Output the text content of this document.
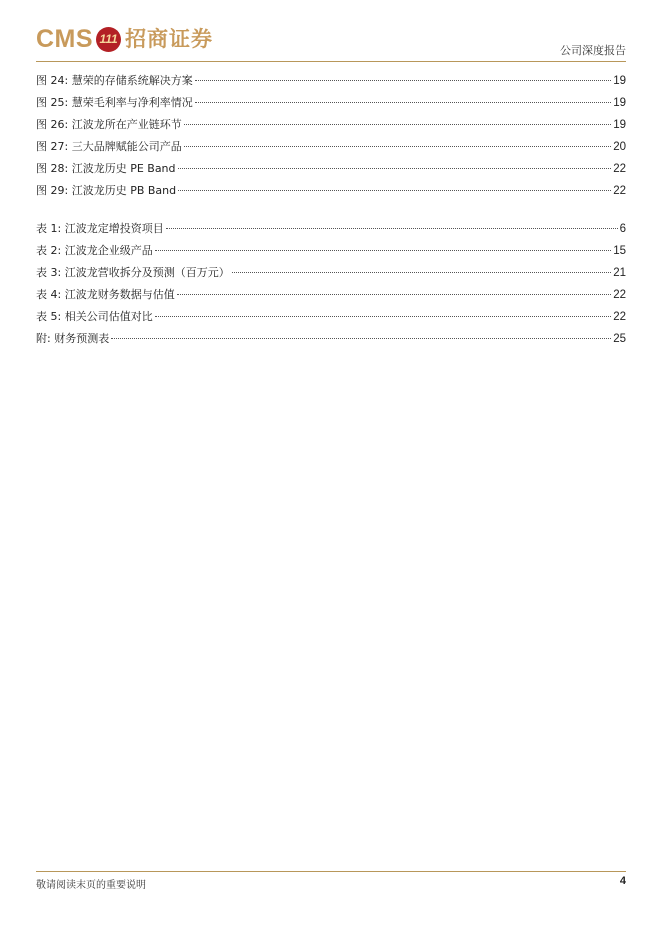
CMS 111 招商证券	公司深度报告
图 24: 慧荣的存储系统解决方案	19
图 25: 慧荣毛利率与净利率情况	19
图 26: 江波龙所在产业链环节	19
图 27: 三大品牌赋能公司产品	20
图 28: 江波龙历史 PE Band	22
图 29: 江波龙历史 PB Band	22
表 1: 江波龙定增投资项目	6
表 2: 江波龙企业级产品	15
表 3: 江波龙营收拆分及预测（百万元）	21
表 4: 江波龙财务数据与估值	22
表 5: 相关公司估值对比	22
附: 财务预测表	25
敬请阅读末页的重要说明	4
